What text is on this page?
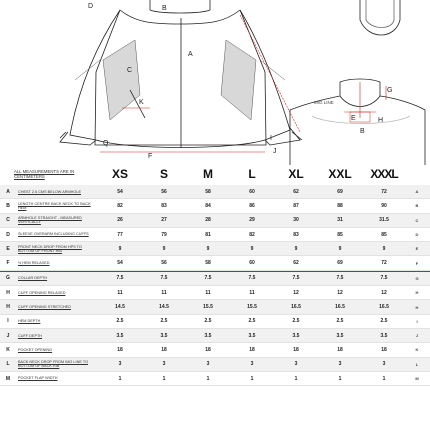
D	B
A
C
K
Q
F
I
J
G
E	H
B
IMG LINE
ALL MEASUREMENTS ARE IN CENTIMETERS		XS	S	M	L	XL	XXL	XXXL	
A	CHEST 2.5 CMS BELOW ARMHOLE	54	56	58	60	62	69	72	A
B	LENGTH CENTRE BACK NECK TO BACK HEM	82	83	84	86	87	88	90	B
C	ARMHOLE STRAIGHT - MEASURED VERTICALLY	26	27	28	29	30	31	31.5	C
D	SLEEVE OVERARM INCLUDING CUFFS	77	79	81	82	83	85	85	D
E	FRONT NECK DROP FROM HPS TO BOTTOM OF FRONT RIB	9	9	9	9	9	9	9	E
F	½ HEM RELAXED	54	56	58	60	62	69	72	F

G	COLLAR DEPTH	7.5	7.5	7.5	7.5	7.5	7.5	7.5	G
H	CUFF OPENING RELAXED	11	11	11	11	12	12	12	H
H	CUFF OPENING STRETCHED	14.5	14.5	15.5	15.5	16.5	16.5	16.5	H
I	HEM DEPTH	2.5	2.5	2.5	2.5	2.5	2.5	2.5	I
J	CUFF DEPTH	3.5	3.5	3.5	3.5	3.5	3.5	3.5	J
K	POCKET OPENING	18	18	18	18	18	18	18	K
L	BACK NECK DROP FROM IMG LINE TO BOTTOM OF BACK RIB	3	3	3	3	3	3	3	L
M	POCKET FLAP WIDTH	1	1	1	1	1	1	1	M
